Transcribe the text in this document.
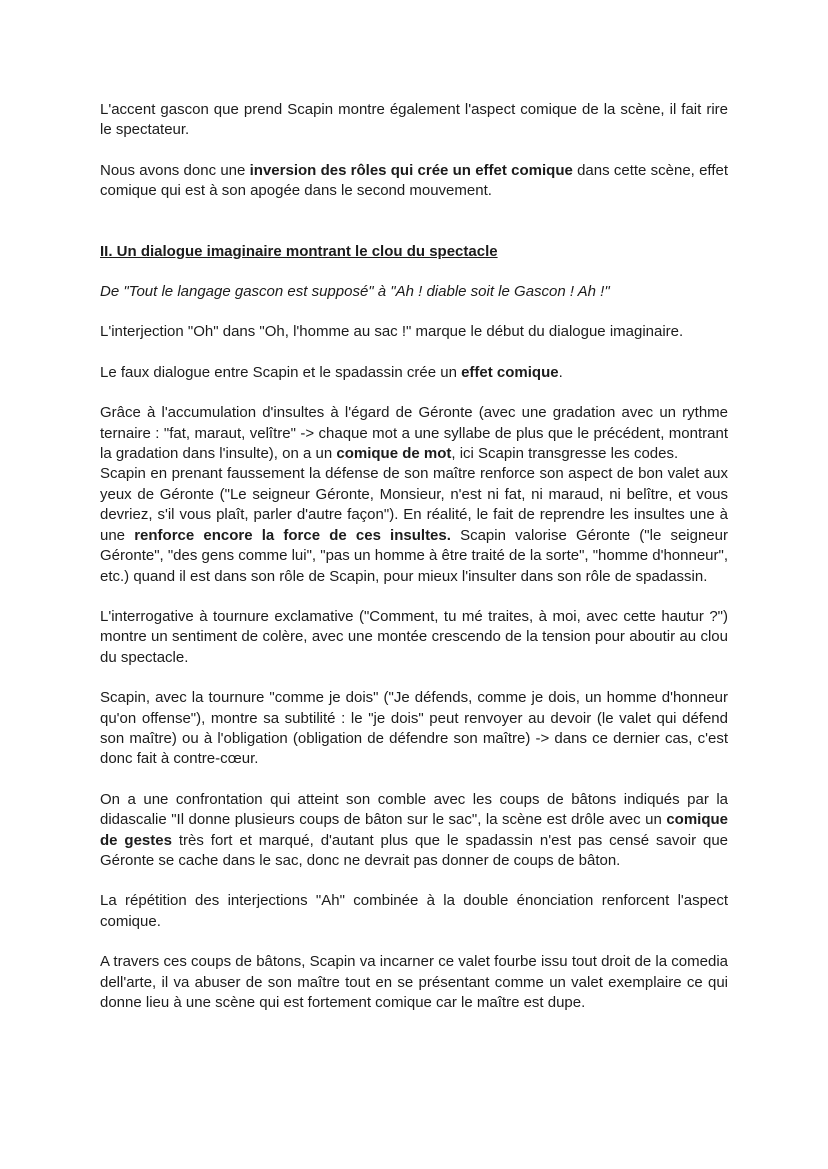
L'accent gascon que prend Scapin montre également l'aspect comique de la scène, il fait rire le spectateur.

Nous avons donc une inversion des rôles qui crée un effet comique dans cette scène, effet comique qui est à son apogée dans le second mouvement.

II. Un dialogue imaginaire montrant le clou du spectacle

De "Tout le langage gascon est supposé" à "Ah ! diable soit le Gascon ! Ah !"

L'interjection "Oh" dans "Oh, l'homme au sac !" marque le début du dialogue imaginaire.

Le faux dialogue entre Scapin et le spadassin crée un effet comique.

Grâce à l'accumulation d'insultes à l'égard de Géronte (avec une gradation avec un rythme ternaire : "fat, maraut, velître" -> chaque mot a une syllabe de plus que le précédent, montrant la gradation dans l'insulte), on a un comique de mot, ici Scapin transgresse les codes.

Scapin en prenant faussement la défense de son maître renforce son aspect de bon valet aux yeux de Géronte ("Le seigneur Géronte, Monsieur, n'est ni fat, ni maraud, ni belître, et vous devriez, s'il vous plaît, parler d'autre façon"). En réalité, le fait de reprendre les insultes une à une renforce encore la force de ces insultes. Scapin valorise Géronte ("le seigneur Géronte", "des gens comme lui", "pas un homme à être traité de la sorte", "homme d'honneur", etc.) quand il est dans son rôle de Scapin, pour mieux l'insulter dans son rôle de spadassin.

L'interrogative à tournure exclamative ("Comment, tu mé traites, à moi, avec cette hautur ?") montre un sentiment de colère, avec une montée crescendo de la tension pour aboutir au clou du spectacle.

Scapin, avec la tournure "comme je dois" ("Je défends, comme je dois, un homme d'honneur qu'on offense"), montre sa subtilité : le "je dois" peut renvoyer au devoir (le valet qui défend son maître) ou à l'obligation (obligation de défendre son maître) -> dans ce dernier cas, c'est donc fait à contre-cœur.

On a une confrontation qui atteint son comble avec les coups de bâtons indiqués par la didascalie "Il donne plusieurs coups de bâton sur le sac", la scène est drôle avec un comique de gestes très fort et marqué, d'autant plus que le spadassin n'est pas censé savoir que Géronte se cache dans le sac, donc ne devrait pas donner de coups de bâton.

La répétition des interjections "Ah" combinée à la double énonciation renforcent l'aspect comique.

A travers ces coups de bâtons, Scapin va incarner ce valet fourbe issu tout droit de la comedia dell'arte, il va abuser de son maître tout en se présentant comme un valet exemplaire ce qui donne lieu à une scène qui est fortement comique car le maître est dupe.
